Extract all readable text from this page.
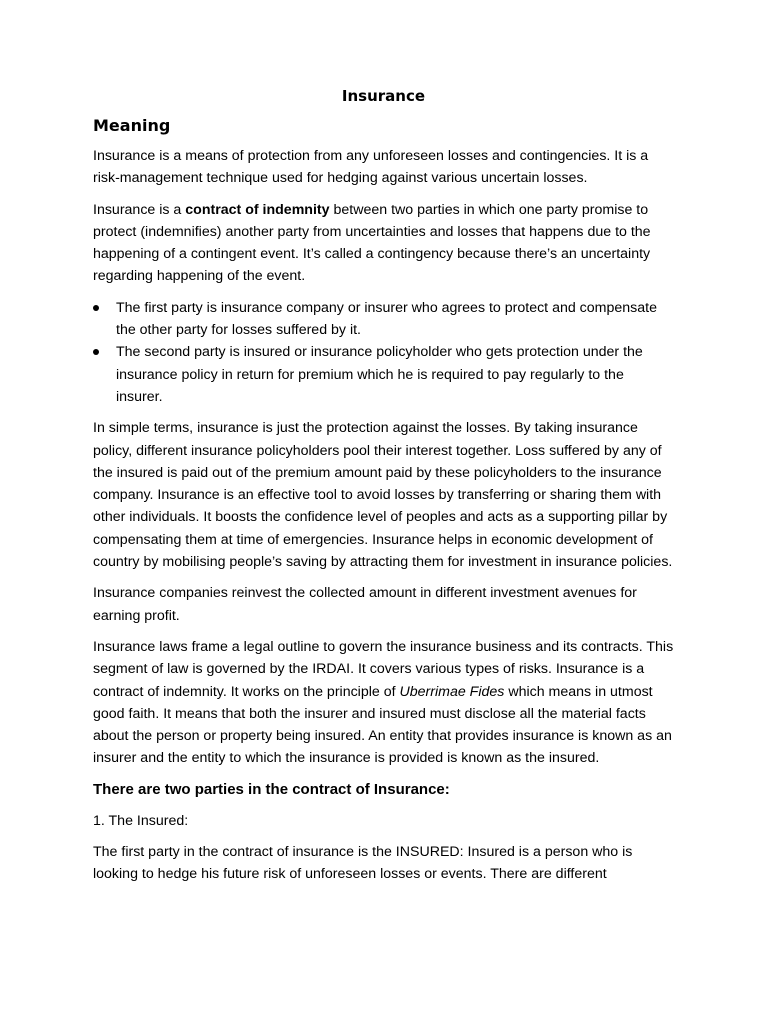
Insurance
Meaning

Insurance is a means of protection from any unforeseen losses and contingencies. It is a risk-management technique used for hedging against various uncertain losses.

Insurance is a contract of indemnity between two parties in which one party promise to protect (indemnifies) another party from uncertainties and losses that happens due to the happening of a contingent event. It’s called a contingency because there’s an uncertainty regarding happening of the event.

The first party is insurance company or insurer who agrees to protect and compensate the other party for losses suffered by it.
The second party is insured or insurance policyholder who gets protection under the insurance policy in return for premium which he is required to pay regularly to the insurer.

In simple terms, insurance is just the protection against the losses. By taking insurance policy, different insurance policyholders pool their interest together. Loss suffered by any of the insured is paid out of the premium amount paid by these policyholders to the insurance company. Insurance is an effective tool to avoid losses by transferring or sharing them with other individuals. It boosts the confidence level of peoples and acts as a supporting pillar by compensating them at time of emergencies. Insurance helps in economic development of country by mobilising people’s saving by attracting them for investment in insurance policies.

Insurance companies reinvest the collected amount in different investment avenues for earning profit.

Insurance laws frame a legal outline to govern the insurance business and its contracts. This segment of law is governed by the IRDAI. It covers various types of risks. Insurance is a contract of indemnity. It works on the principle of Uberrimae Fides which means in utmost good faith. It means that both the insurer and insured must disclose all the material facts about the person or property being insured. An entity that provides insurance is known as an insurer and the entity to which the insurance is provided is known as the insured.

There are two parties in the contract of Insurance:

1. The Insured:

The first party in the contract of insurance is the INSURED: Insured is a person who is looking to hedge his future risk of unforeseen losses or events. There are different
